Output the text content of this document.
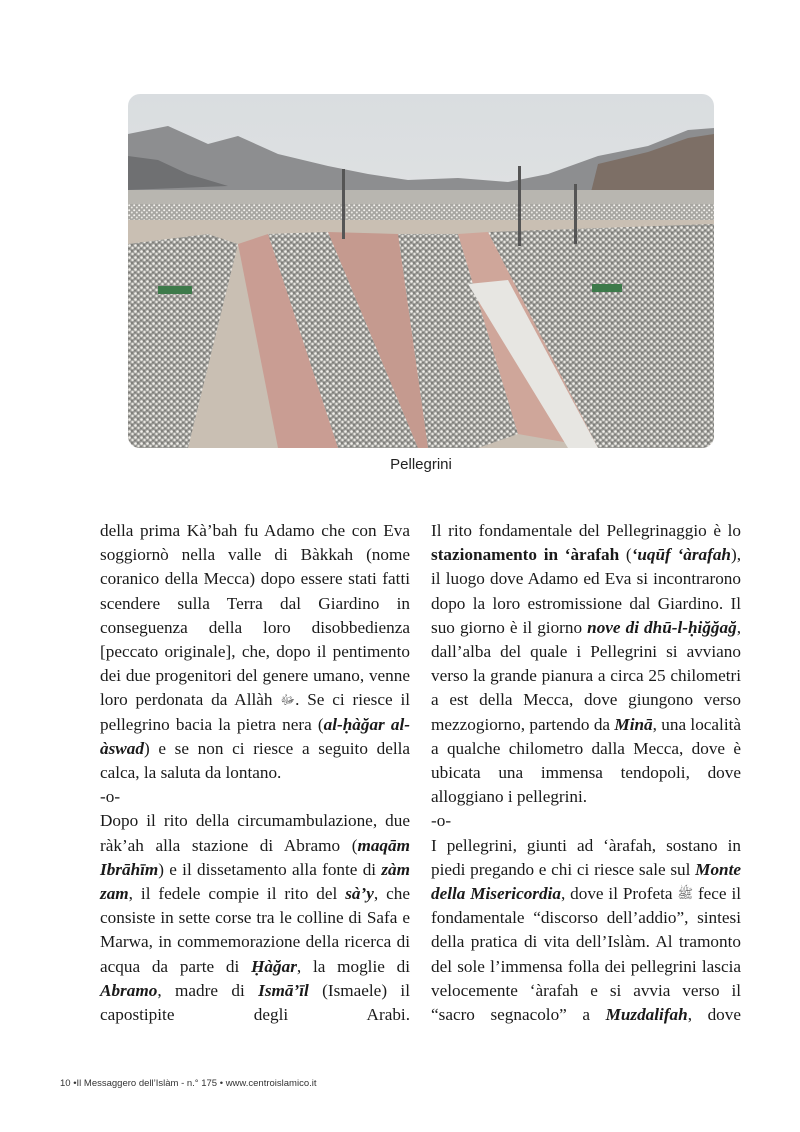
Pellegrini

della prima Kà’bah fu Adamo che con Eva soggiornò nella valle di Bàkkah (nome coranico della Mecca) dopo essere stati fatti scendere sulla Terra dal Giardino in conseguenza della loro disobbedienza [peccato originale], che, dopo il pentimento dei due progenitori del genere umano, venne loro perdonata da Allàh ﷻ. Se ci riesce il pellegrino bacia la pietra nera (al-ḥàğar al-àswad) e se non ci riesce a seguito della calca, la saluta da lontano.

-o-

Dopo il rito della circumambulazione, due ràk’ah alla stazione di Abramo (maqām Ibrāhīm) e il dissetamento alla fonte di zàm zam, il fedele compie il rito del sà’y, che consiste in sette corse tra le colline di Safa e Marwa, in commemorazione della ricerca di acqua da parte di Ḥàğar, la moglie di Abramo, madre di Ismā’īl (Ismaele) il capostipite degli Arabi.

Il rito fondamentale del Pellegrinaggio è lo stazionamento in ‘àrafah (‘uqūf ‘àrafah), il luogo dove Adamo ed Eva si incontrarono dopo la loro estromissione dal Giardino. Il suo giorno è il giorno nove di dhū-l-ḥiğğağ, dall’alba del quale i Pellegrini si avviano verso la grande pianura a circa 25 chilometri a est della Mecca, dove giungono verso mezzogiorno, partendo da Minā, una località a qualche chilometro dalla Mecca, dove è ubicata una immensa tendopoli, dove alloggiano i pellegrini.

-o-

I pellegrini, giunti ad ‘àrafah, sostano in piedi pregando e chi ci riesce sale sul Monte della Misericordia, dove il Profeta ﷺ fece il fondamentale “discorso dell’addio”, sintesi della pratica di vita dell’Islàm. Al tramonto del sole l’immensa folla dei pellegrini lascia velocemente ‘àrafah e si avvia verso il “sacro segnacolo” a Muzdalifah, dove

10 •Il Messaggero dell’Islàm - n.° 175 • www.centroislamico.it
